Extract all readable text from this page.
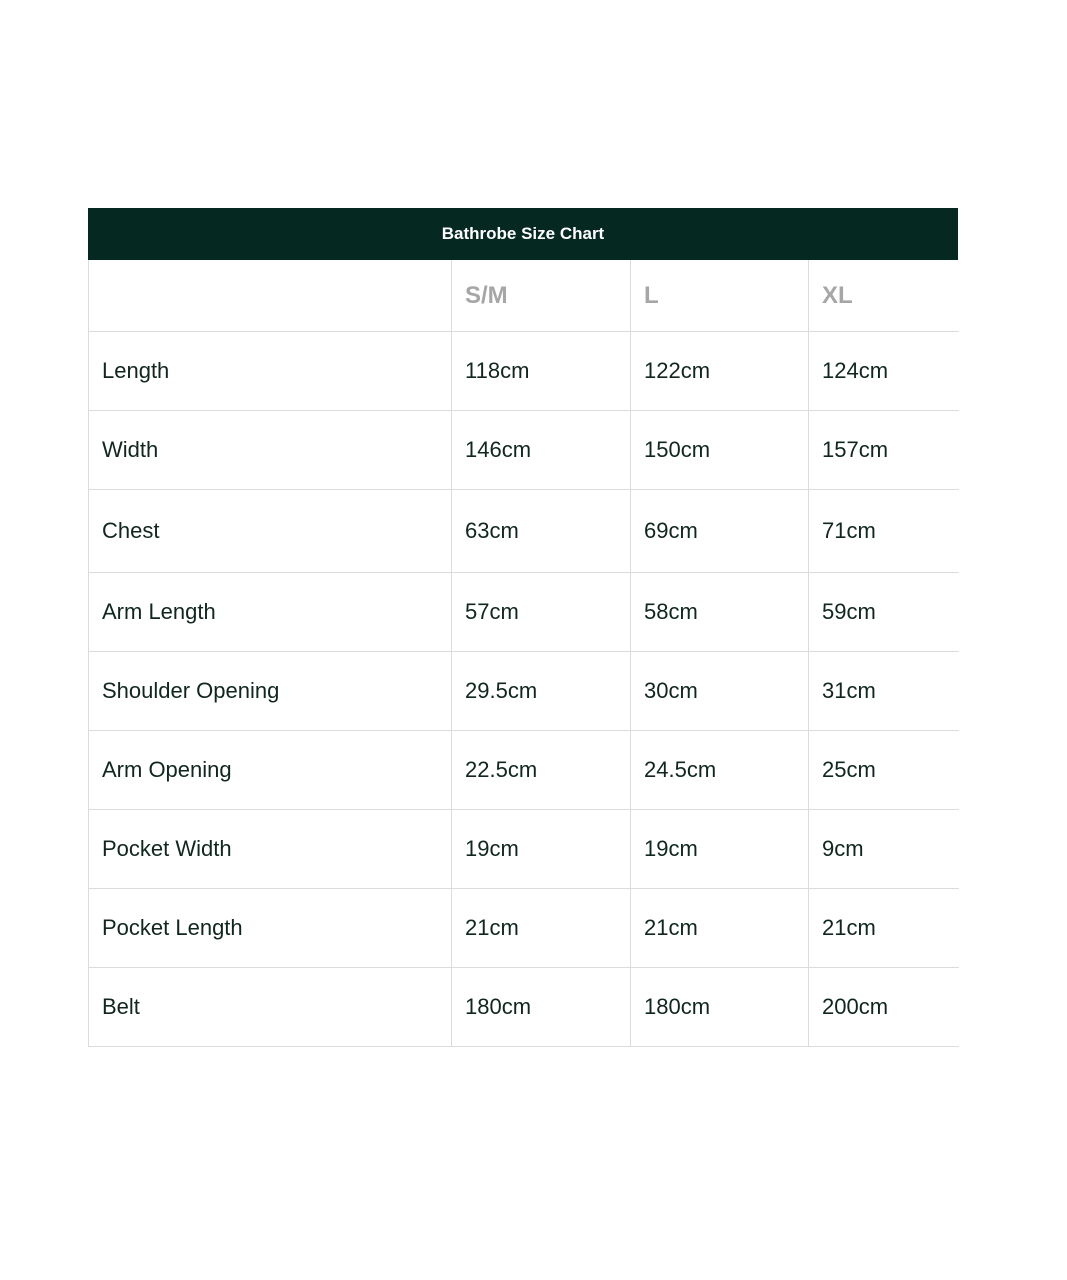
Bathrobe Size Chart
	S/M	L	XL
Length	118cm	122cm	124cm
Width	146cm	150cm	157cm
Chest	63cm	69cm	71cm
Arm Length	57cm	58cm	59cm
Shoulder Opening	29.5cm	30cm	31cm
Arm Opening	22.5cm	24.5cm	25cm
Pocket Width	19cm	19cm	9cm
Pocket Length	21cm	21cm	21cm
Belt	180cm	180cm	200cm
